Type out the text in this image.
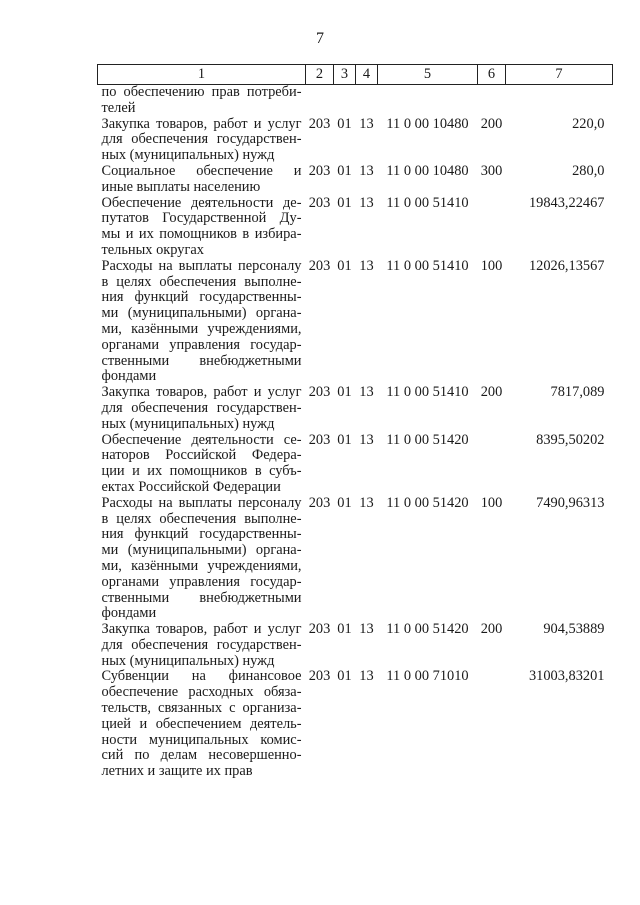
7
1	2	3	4	5	6	7
по обеспечению прав потреби- телей						
Закупка товаров, работ и услуг для обеспечения государствен- ных (муниципальных) нужд	203	01	13	11 0 00 10480	200	220,0
Социальное обеспечение и иные выплаты населению	203	01	13	11 0 00 10480	300	280,0
Обеспечение деятельности де- путатов Государственной Ду- мы и их помощников в избира- тельных округах	203	01	13	11 0 00 51410		19843,22467
Расходы на выплаты персоналу в целях обеспечения выполне- ния функций государственны- ми (муниципальными) органа- ми, казёнными учреждениями, органами управления государ- ственными внебюджетными фондами	203	01	13	11 0 00 51410	100	12026,13567
Закупка товаров, работ и услуг для обеспечения государствен- ных (муниципальных) нужд	203	01	13	11 0 00 51410	200	7817,089
Обеспечение деятельности се- наторов Российской Федера- ции и их помощников в субъ- ектах Российской Федерации	203	01	13	11 0 00 51420		8395,50202
Расходы на выплаты персоналу в целях обеспечения выполне- ния функций государственны- ми (муниципальными) органа- ми, казёнными учреждениями, органами управления государ- ственными внебюджетными фондами	203	01	13	11 0 00 51420	100	7490,96313
Закупка товаров, работ и услуг для обеспечения государствен- ных (муниципальных) нужд	203	01	13	11 0 00 51420	200	904,53889
Субвенции на финансовое обеспечение расходных обяза- тельств, связанных с организа- цией и обеспечением деятель- ности муниципальных комис- сий по делам несовершенно- летних и защите их прав	203	01	13	11 0 00 71010		31003,83201
